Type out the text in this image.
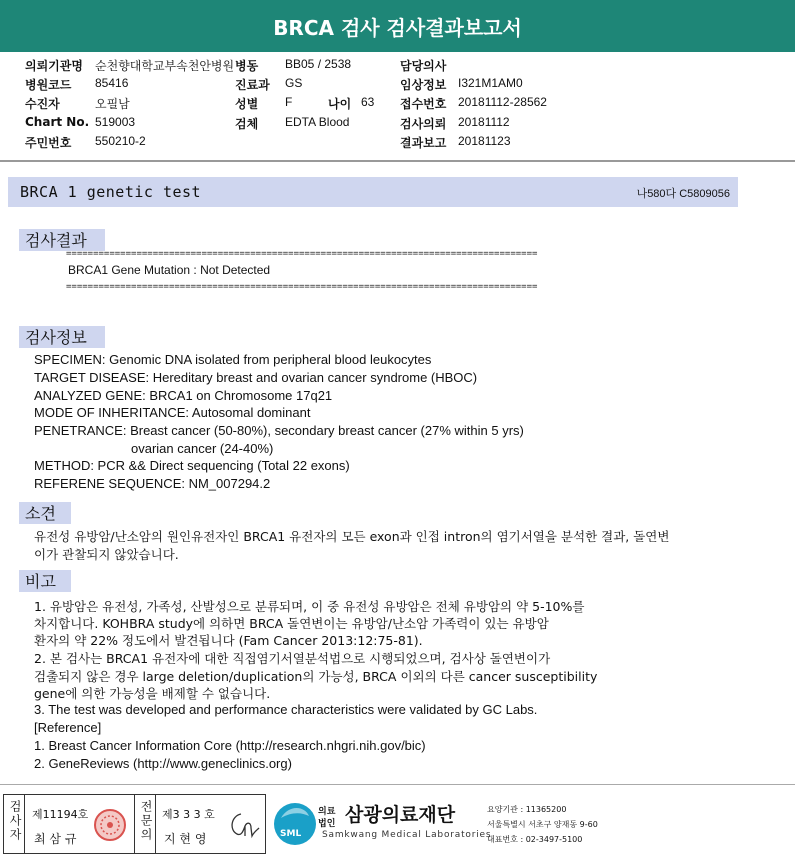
BRCA 검사 검사결과보고서
의뢰기관명 순천향대학교부속천안병원 병동 BB05 / 2538	담당의사
병원코드 85416	진료과 GS	임상정보 I321M1AM0
수진자	오필남	성별 F	나이 63 접수번호 20181112-28562
Chart No. 519003	검체 EDTA Blood	검사의뢰 20181112
주민번호 550210-2	결과보고 20181123
BRCA 1 genetic test	나580다 C5809056
검사결과
=======================================================================================
BRCA1 Gene Mutation : Not Detected
=======================================================================================
검사정보
SPECIMEN: Genomic DNA isolated from peripheral blood leukocytes
TARGET DISEASE: Hereditary breast and ovarian cancer syndrome (HBOC)
ANALYZED GENE: BRCA1 on Chromosome 17q21
MODE OF INHERITANCE: Autosomal dominant
PENETRANCE: Breast cancer (50-80%), secondary breast cancer (27% within 5 yrs)
ovarian cancer (24-40%)
METHOD: PCR && Direct sequencing (Total 22 exons)
REFERENE SEQUENCE: NM_007294.2
소견
유전성 유방암/난소암의 원인유전자인 BRCA1 유전자의 모든 exon과 인접 intron의 염기서열을 분석한 결과, 돌연변
이가 관찰되지 않았습니다.
비고
1. 유방암은 유전성, 가족성, 산발성으로 분류되며, 이 중 유전성 유방암은 전체 유방암의 약 5-10%를
차지합니다. KOHBRA study에 의하면 BRCA 돌연변이는 유방암/난소암 가족력이 있는 유방암
환자의 약 22% 정도에서 발견됩니다 (Fam Cancer 2013:12:75-81).
2. 본 검사는 BRCA1 유전자에 대한 직접염기서열분석법으로 시행되었으며, 검사상 돌연변이가
검출되지 않은 경우 large deletion/duplication의 가능성, BRCA 이외의 다른 cancer susceptibility
gene에 의한 가능성을 배제할 수 없습니다.
3. The test was developed and performance characteristics were validated by GC Labs.
[Reference]
1. Breast Cancer Information Core (http://research.nhgri.nih.gov/bic)
2. GeneReviews (http://www.geneclinics.org)
검사자 제11194호
최 삼 규	전문의 제3 3 3 호
지 현 영	SML
의료
법인 삼광의료재단
Samkwang Medical Laboratories
요양기관 : 11365200
서울특별시 서초구 양재동 9-60
대표번호 : 02-3497-5100
